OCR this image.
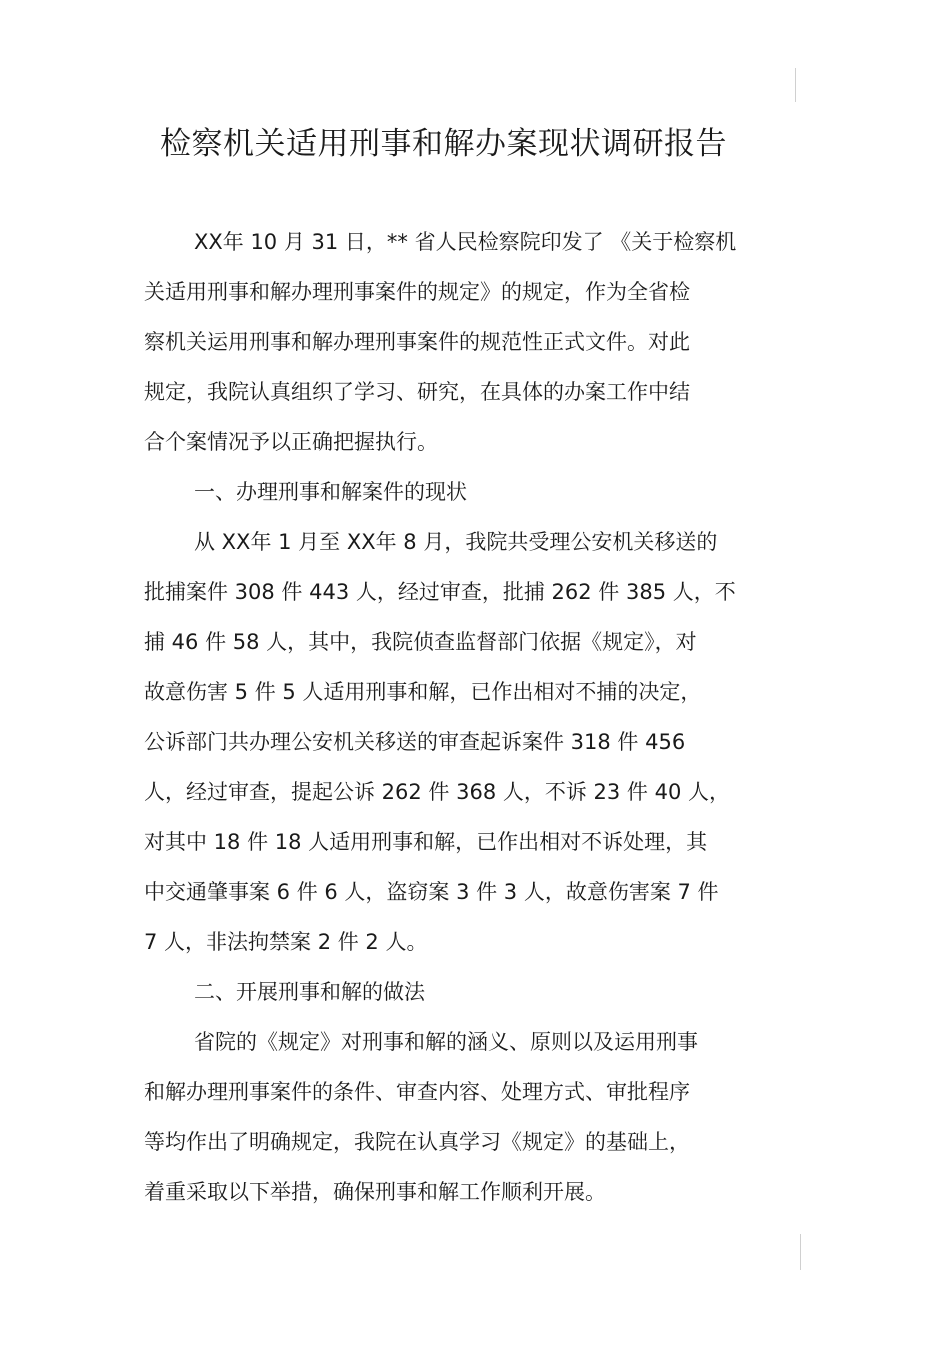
检察机关适用刑事和解办案现状调研报告
XX年 10 月 31 日，** 省人民检察院印发了 《关于检察机
关适用刑事和解办理刑事案件的规定》的规定，作为全省检
察机关运用刑事和解办理刑事案件的规范性正式文件。对此
规定，我院认真组织了学习、研究，在具体的办案工作中结
合个案情况予以正确把握执行。
一、办理刑事和解案件的现状
从 XX年 1 月至 XX年 8 月，我院共受理公安机关移送的
批捕案件 308 件 443 人，经过审查，批捕 262 件 385 人，不
捕 46 件 58 人，其中，我院侦查监督部门依据《规定》，对
故意伤害 5 件 5 人适用刑事和解，已作出相对不捕的决定，
公诉部门共办理公安机关移送的审查起诉案件 318 件 456
人，经过审查，提起公诉 262 件 368 人，不诉 23 件 40 人，
对其中 18 件 18 人适用刑事和解，已作出相对不诉处理，其
中交通肇事案 6 件 6 人，盗窃案 3 件 3 人，故意伤害案 7 件
7 人，非法拘禁案 2 件 2 人。
二、开展刑事和解的做法
省院的《规定》对刑事和解的涵义、原则以及运用刑事
和解办理刑事案件的条件、审查内容、处理方式、审批程序
等均作出了明确规定，我院在认真学习《规定》的基础上，
着重采取以下举措，确保刑事和解工作顺利开展。
